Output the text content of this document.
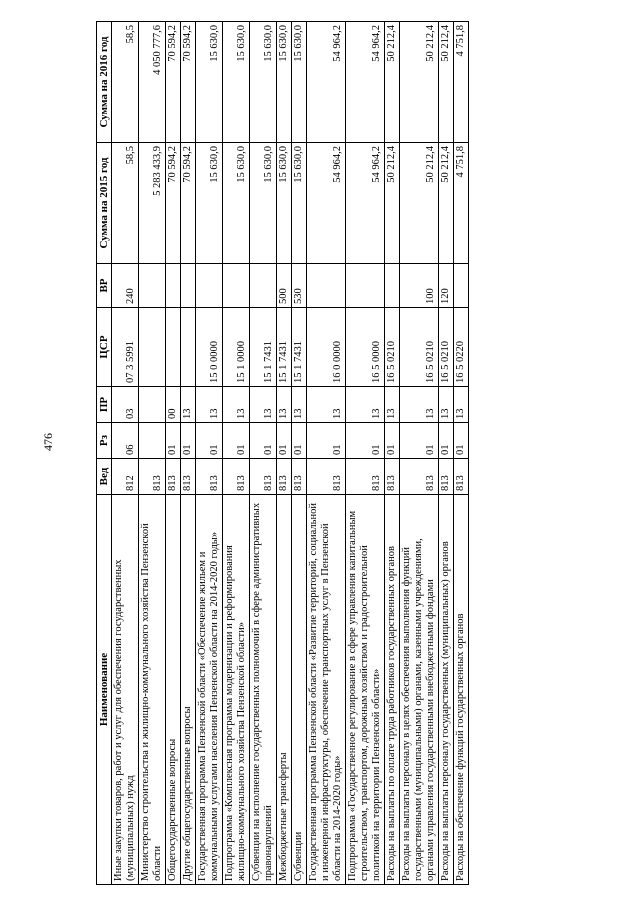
476
Наименование	Вед	Рз	ПР	ЦСР	ВР	Сумма на 2015 год	Сумма на 2016 год
Иные закупки товаров, работ и услуг для обеспечения государственных (муниципальных) нужд	812	06	03	07 3 5991	240	58,5	58,5
Министерство строительства и жилищно-коммунального хозяйства Пензенской области	813					5 283 433,9	4 050 777,6
Общегосударственные вопросы	813	01	00			70 594,2	70 594,2
Другие общегосударственные вопросы	813	01	13			70 594,2	70 594,2
Государственная программа Пензенской области «Обеспечение жильем и коммунальными услугами населения Пензенской области на 2014-2020 годы»	813	01	13	15 0 0000		15 630,0	15 630,0
Подпрограмма «Комплексная программа модернизации и реформирования жилищно-коммунального хозяйства Пензенской области»	813	01	13	15 1 0000		15 630,0	15 630,0
Субвенции на исполнение государственных полномочий в сфере административных правонарушений	813	01	13	15 1 7431		15 630,0	15 630,0
Межбюджетные трансферты	813	01	13	15 1 7431	500	15 630,0	15 630,0
Субвенции	813	01	13	15 1 7431	530	15 630,0	15 630,0
Государственная программа Пензенской области «Развитие территорий, социальной и инженерной инфраструктуры, обеспечение транспортных услуг в Пензенской области на 2014-2020 годы»	813	01	13	16 0 0000		54 964,2	54 964,2
Подпрограмма «Государственное регулирование в сфере управления капитальным строительством, транспортом, дорожным хозяйством и градостроительной политикой на территории Пензенской области»	813	01	13	16 5 0000		54 964,2	54 964,2
Расходы на выплаты по оплате труда работников государственных органов	813	01	13	16 5 0210		50 212,4	50 212,4
Расходы на выплаты персоналу в целях обеспечения выполнения функций государственными (муниципальными) органами, казенными учреждениями, органами управления государственными внебюджетными фондами	813	01	13	16 5 0210	100	50 212,4	50 212,4
Расходы на выплаты персоналу государственных (муниципальных) органов	813	01	13	16 5 0210	120	50 212,4	50 212,4
Расходы на обеспечение функций государственных органов	813	01	13	16 5 0220		4 751,8	4 751,8
